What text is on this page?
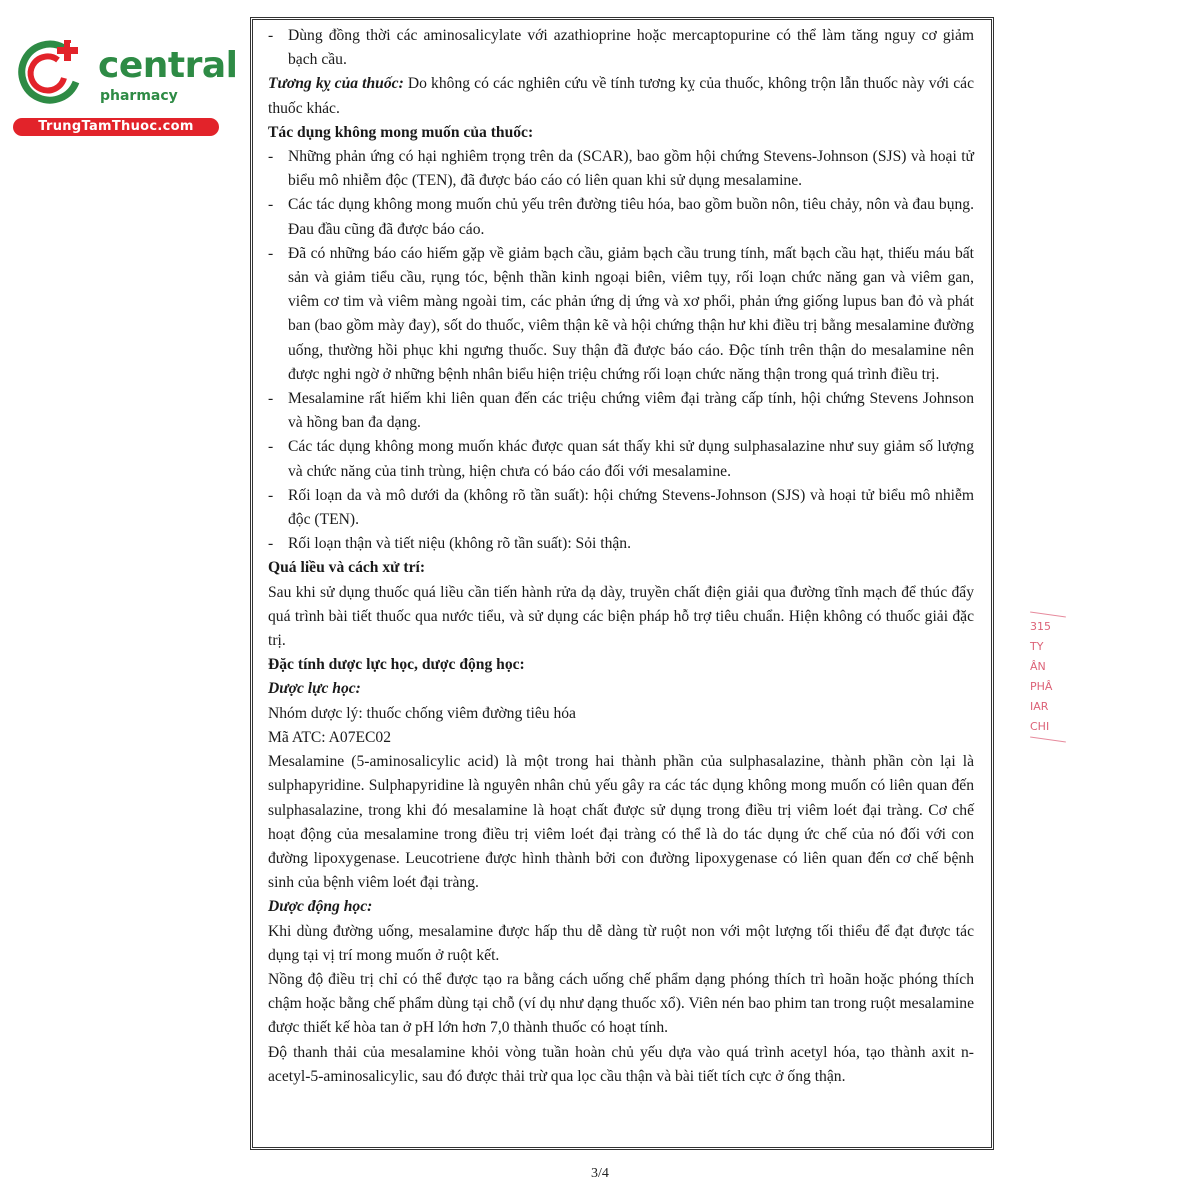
central
pharmacy
TrungTamThuoc.com

- Dùng đồng thời các aminosalicylate với azathioprine hoặc mercaptopurine có thể làm tăng nguy cơ giảm bạch cầu.

Tương kỵ của thuốc: Do không có các nghiên cứu về tính tương kỵ của thuốc, không trộn lẫn thuốc này với các thuốc khác.

Tác dụng không mong muốn của thuốc:

- Những phản ứng có hại nghiêm trọng trên da (SCAR), bao gồm hội chứng Stevens-Johnson (SJS) và hoại tử biểu mô nhiễm độc (TEN), đã được báo cáo có liên quan khi sử dụng mesalamine.

- Các tác dụng không mong muốn chủ yếu trên đường tiêu hóa, bao gồm buồn nôn, tiêu chảy, nôn và đau bụng. Đau đầu cũng đã được báo cáo.

- Đã có những báo cáo hiếm gặp về giảm bạch cầu, giảm bạch cầu trung tính, mất bạch cầu hạt, thiếu máu bất sản và giảm tiểu cầu, rụng tóc, bệnh thần kinh ngoại biên, viêm tụy, rối loạn chức năng gan và viêm gan, viêm cơ tim và viêm màng ngoài tim, các phản ứng dị ứng và xơ phổi, phản ứng giống lupus ban đỏ và phát ban (bao gồm mày đay), sốt do thuốc, viêm thận kẽ và hội chứng thận hư khi điều trị bằng mesalamine đường uống, thường hồi phục khi ngưng thuốc. Suy thận đã được báo cáo. Độc tính trên thận do mesalamine nên được nghi ngờ ở những bệnh nhân biểu hiện triệu chứng rối loạn chức năng thận trong quá trình điều trị.

- Mesalamine rất hiếm khi liên quan đến các triệu chứng viêm đại tràng cấp tính, hội chứng Stevens Johnson và hồng ban đa dạng.

- Các tác dụng không mong muốn khác được quan sát thấy khi sử dụng sulphasalazine như suy giảm số lượng và chức năng của tinh trùng, hiện chưa có báo cáo đối với mesalamine.

- Rối loạn da và mô dưới da (không rõ tần suất): hội chứng Stevens-Johnson (SJS) và hoại tử biểu mô nhiễm độc (TEN).

- Rối loạn thận và tiết niệu (không rõ tần suất): Sỏi thận.

Quá liều và cách xử trí:

Sau khi sử dụng thuốc quá liều cần tiến hành rửa dạ dày, truyền chất điện giải qua đường tĩnh mạch để thúc đẩy quá trình bài tiết thuốc qua nước tiểu, và sử dụng các biện pháp hỗ trợ tiêu chuẩn. Hiện không có thuốc giải đặc trị.

Đặc tính dược lực học, dược động học:

Dược lực học:

Nhóm dược lý: thuốc chống viêm đường tiêu hóa

Mã ATC: A07EC02

Mesalamine (5-aminosalicylic acid) là một trong hai thành phần của sulphasalazine, thành phần còn lại là sulphapyridine. Sulphapyridine là nguyên nhân chủ yếu gây ra các tác dụng không mong muốn có liên quan đến sulphasalazine, trong khi đó mesalamine là hoạt chất được sử dụng trong điều trị viêm loét đại tràng. Cơ chế hoạt động của mesalamine trong điều trị viêm loét đại tràng có thể là do tác dụng ức chế của nó đối với con đường lipoxygenase. Leucotriene được hình thành bởi con đường lipoxygenase có liên quan đến cơ chế bệnh sinh của bệnh viêm loét đại tràng.

Dược động học:

Khi dùng đường uống, mesalamine được hấp thu dễ dàng từ ruột non với một lượng tối thiểu để đạt được tác dụng tại vị trí mong muốn ở ruột kết.

Nồng độ điều trị chỉ có thể được tạo ra bằng cách uống chế phẩm dạng phóng thích trì hoãn hoặc phóng thích chậm hoặc bằng chế phẩm dùng tại chỗ (ví dụ như dạng thuốc xổ). Viên nén bao phim tan trong ruột mesalamine được thiết kế hòa tan ở pH lớn hơn 7,0 thành thuốc có hoạt tính.

Độ thanh thải của mesalamine khỏi vòng tuần hoàn chủ yếu dựa vào quá trình acetyl hóa, tạo thành axit n-acetyl-5-aminosalicylic, sau đó được thải trừ qua lọc cầu thận và bài tiết tích cực ở ống thận.

315
TY
ÂN
PHÂ
IAR
CHI
3/4
